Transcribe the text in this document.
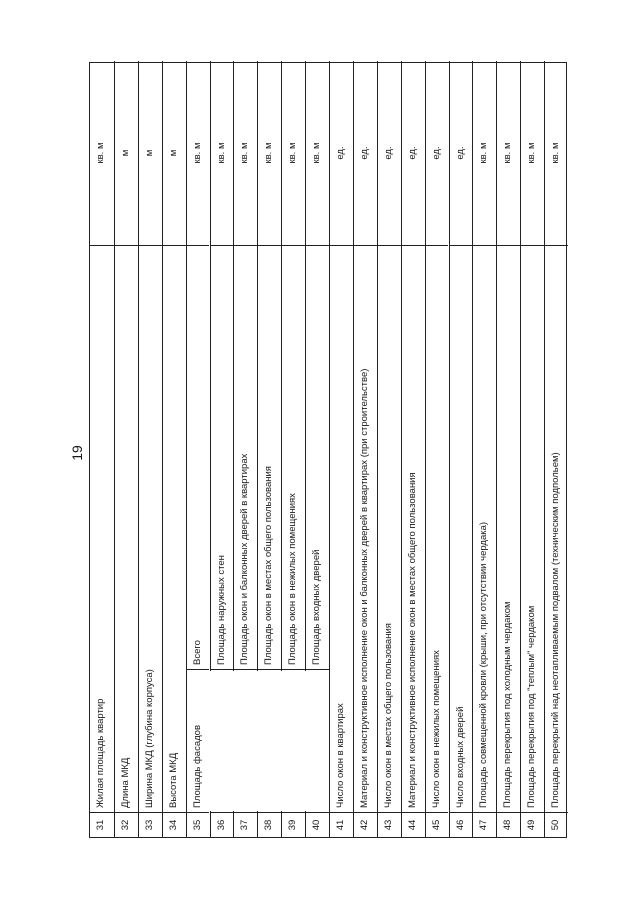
19
31
Жилая площадь квартир
кв. м
32
Длина МКД
м
33
Ширина МКД (глубина корпуса)
м
34
Высота МКД
м
35
Площадь фасадов
Всего
кв. м
36
Площадь наружных стен
кв. м
37
Площадь окон и балконных дверей в квартирах
кв. м
38
Площадь окон в местах общего пользования
кв. м
39
Площадь окон в нежилых помещениях
кв. м
40
Площадь входных дверей
кв. м
41
Число окон в квартирах
ед.
42
Материал и конструктивное исполнение окон и балконных дверей в квартирах (при строительстве)
ед.
43
Число окон в местах общего пользования
ед.
44
Материал и конструктивное исполнение окон в местах общего пользования
ед.
45
Число окон в нежилых помещениях
ед.
46
Число входных дверей
ед.
47
Площадь совмещенной кровли (крыши, при отсутствии чердака)
кв. м
48
Площадь перекрытия под холодным чердаком
кв. м
49
Площадь перекрытия под "теплым" чердаком
кв. м
50
Площадь перекрытий над неотапливаемым подвалом (техническим подпольем)
кв. м
